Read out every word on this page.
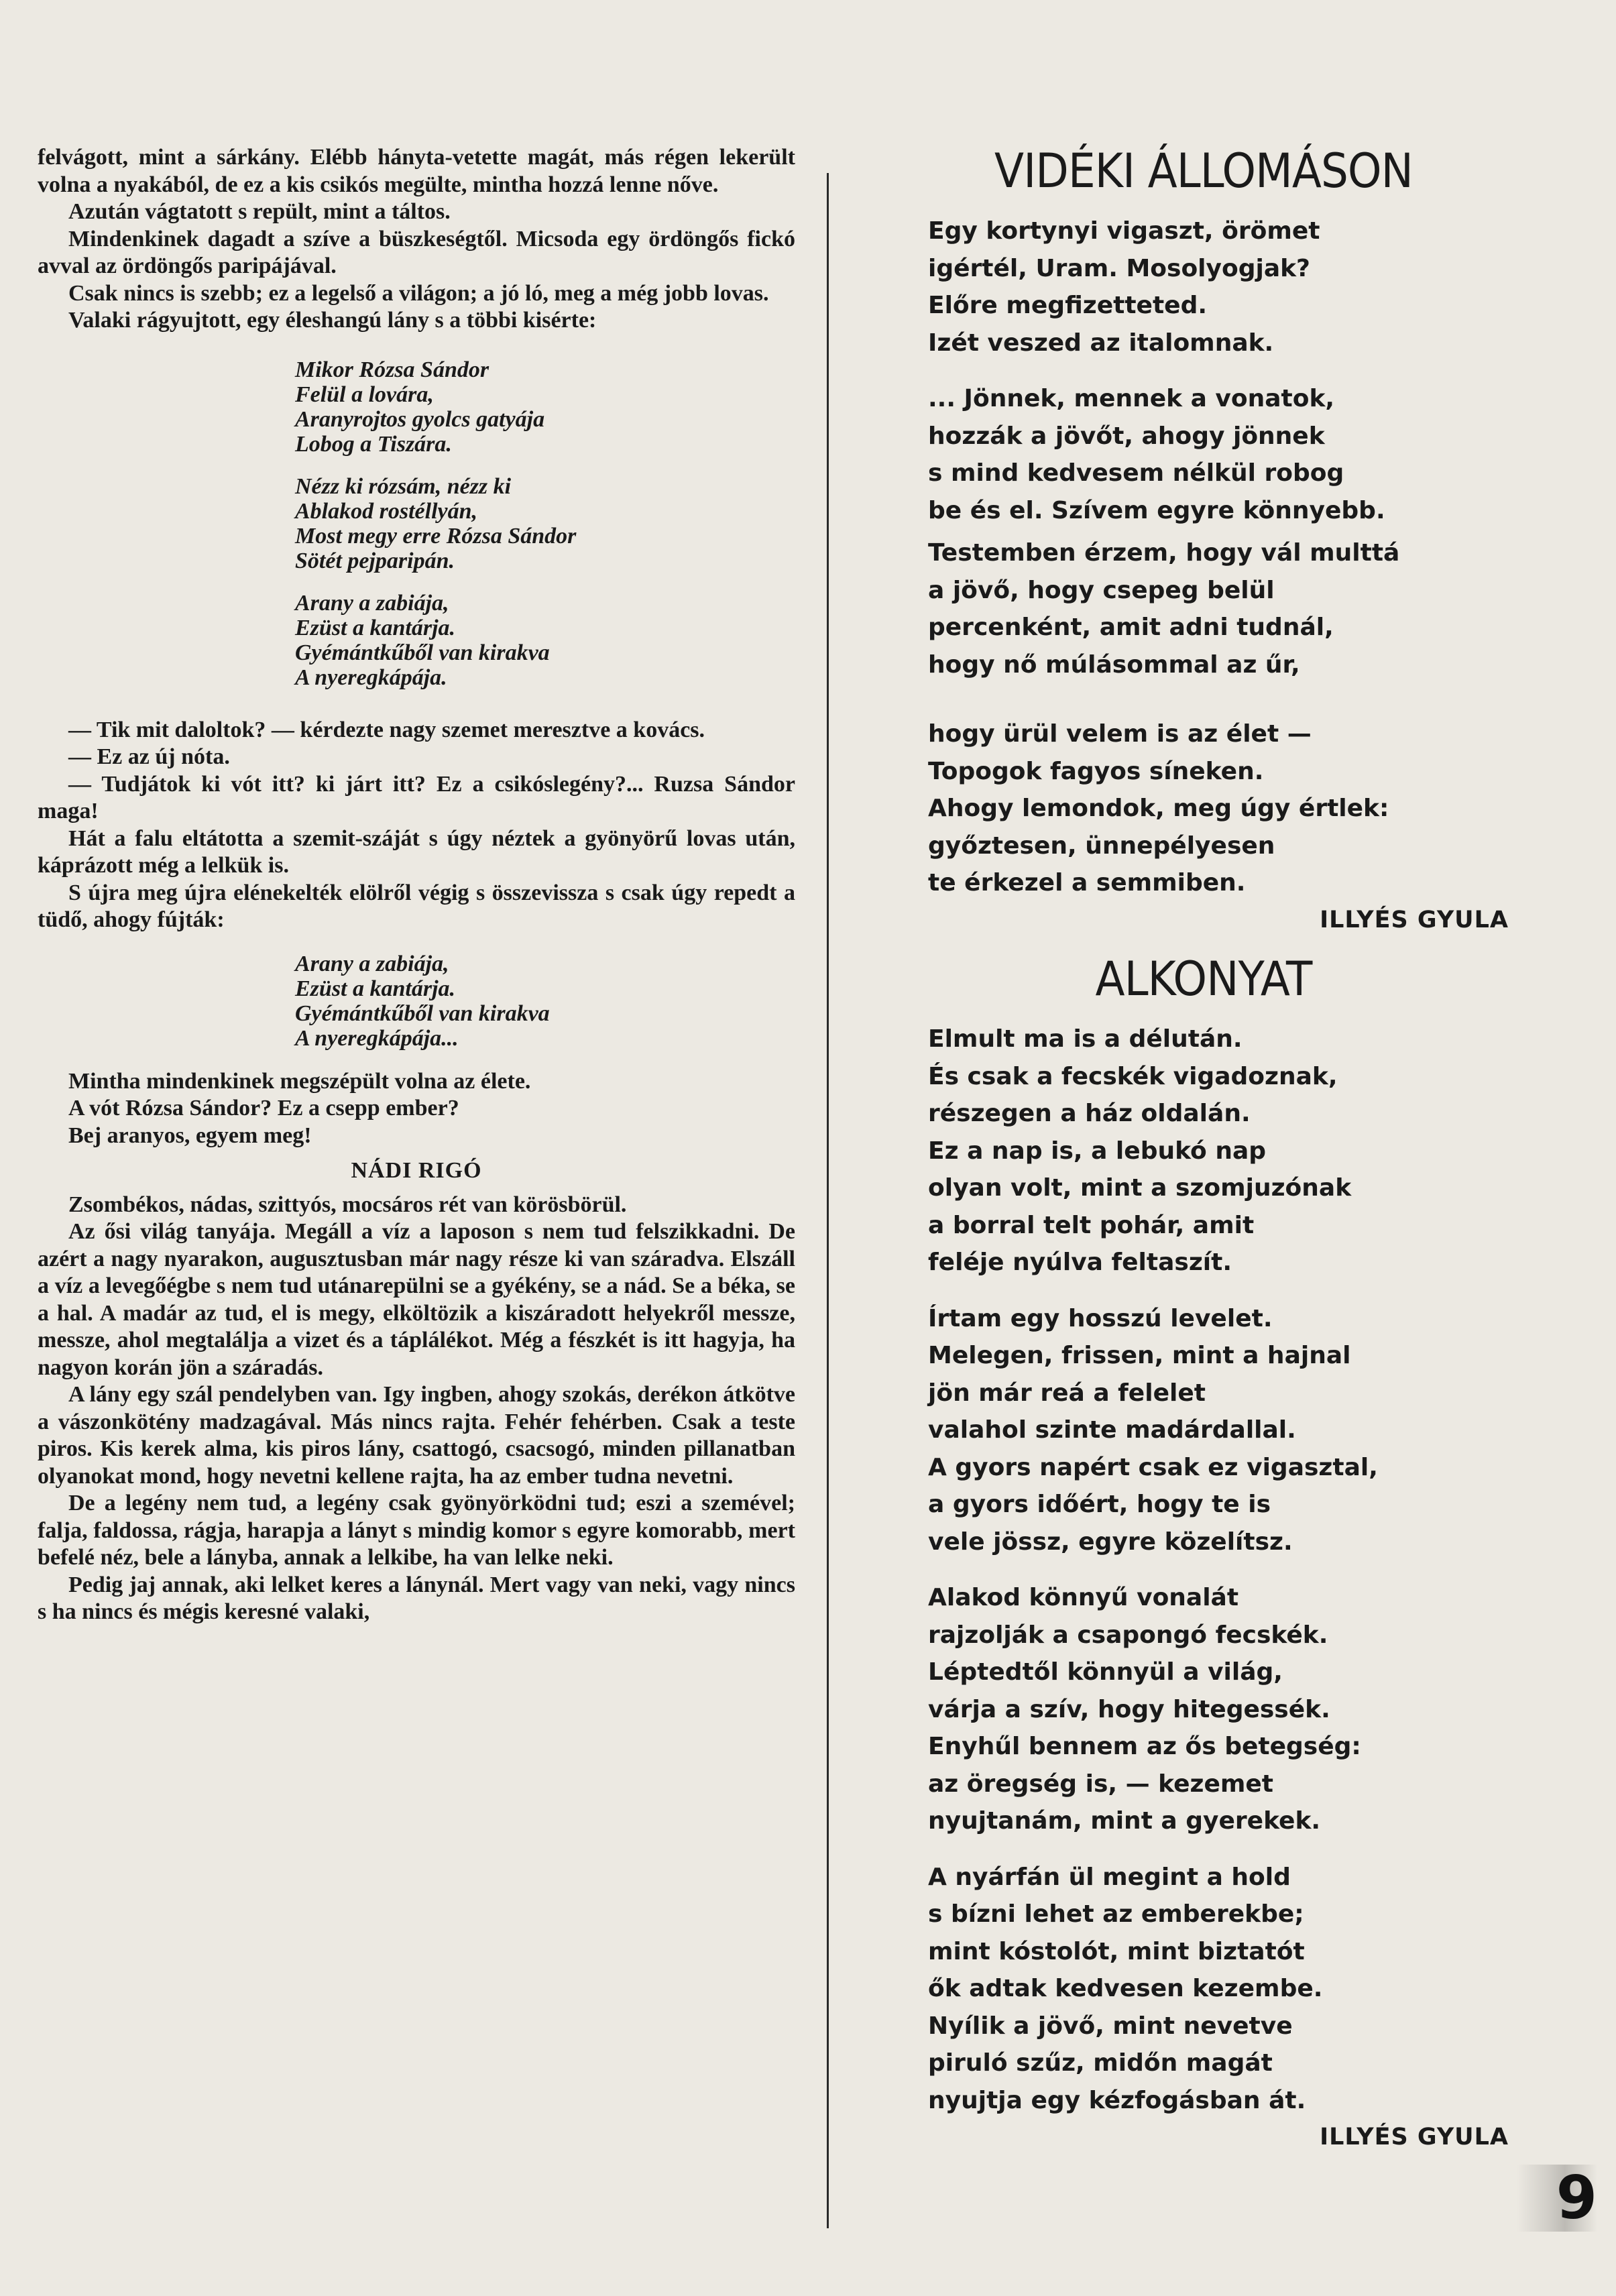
felvágott, mint a sárkány. Elébb hányta-vetette magát, más régen lekerült volna a nyakából, de ez a kis csikós megülte, mintha hozzá lenne nőve.

Azután vágtatott s repült, mint a táltos.

Mindenkinek dagadt a szíve a büszkeségtől. Micsoda egy ördöngős fickó avval az ördöngős paripájával.

Csak nincs is szebb; ez a legelső a világon; a jó ló, meg a még jobb lovas.

Valaki rágyujtott, egy éleshangú lány s a többi kisérte:

Mikor Rózsa Sándor
Felül a lovára,
Aranyrojtos gyolcs gatyája
Lobog a Tiszára.
Nézz ki rózsám, nézz ki
Ablakod rostéllyán,
Most megy erre Rózsa Sándor
Sötét pejparipán.
Arany a zabiája,
Ezüst a kantárja.
Gyémántkűből van kirakva
A nyeregkápája.

— Tik mit daloltok? — kérdezte nagy szemet meresztve a kovács.

— Ez az új nóta.

— Tudjátok ki vót itt? ki járt itt? Ez a csikóslegény?... Ruzsa Sándor maga!

Hát a falu eltátotta a szemit-száját s úgy néztek a gyönyörű lovas után, káprázott még a lelkük is.

S újra meg újra elénekelték elölről végig s összevissza s csak úgy repedt a tüdő, ahogy fújták:

Arany a zabiája,
Ezüst a kantárja.
Gyémántkűből van kirakva
A nyeregkápája...

Mintha mindenkinek megszépült volna az élete.

A vót Rózsa Sándor? Ez a csepp ember?

Bej aranyos, egyem meg!

NÁDI RIGÓ

Zsombékos, nádas, szittyós, mocsáros rét van körösbörül.

Az ősi világ tanyája. Megáll a víz a laposon s nem tud felszikkadni. De azért a nagy nyarakon, augusztusban már nagy része ki van száradva. Elszáll a víz a levegőégbe s nem tud utánarepülni se a gyékény, se a nád. Se a béka, se a hal. A madár az tud, el is megy, elköltözik a kiszáradott helyekről messze, messze, ahol megtalálja a vizet és a táplálékot. Még a fészkét is itt hagyja, ha nagyon korán jön a száradás.

A lány egy szál pendelyben van. Igy ingben, ahogy szokás, derékon átkötve a vászonkötény madzagával. Más nincs rajta. Fehér fehérben. Csak a teste piros. Kis kerek alma, kis piros lány, csattogó, csacsogó, minden pillanatban olyanokat mond, hogy nevetni kellene rajta, ha az ember tudna nevetni.

De a legény nem tud, a legény csak gyönyörködni tud; eszi a szemével; falja, faldossa, rágja, harapja a lányt s mindig komor s egyre komorabb, mert befelé néz, bele a lányba, annak a lelkibe, ha van lelke neki.

Pedig jaj annak, aki lelket keres a lánynál. Mert vagy van neki, vagy nincs s ha nincs és mégis keresné valaki,

VIDÉKI ÁLLOMÁSON
Egy kortynyi vigaszt, örömet
igértél, Uram. Mosolyogjak?
Előre megfizetteted.
Izét veszed az italomnak.
... Jönnek, mennek a vonatok,
hozzák a jövőt, ahogy jönnek
s mind kedvesem nélkül robog
be és el. Szívem egyre könnyebb.
Testemben érzem, hogy vál multtá
a jövő, hogy csepeg belül
percenként, amit adni tudnál,
hogy nő múlásommal az űr,
hogy ürül velem is az élet —
Topogok fagyos síneken.
Ahogy lemondok, meg úgy értlek:
győztesen, ünnepélyesen
te érkezel a semmiben.
ILLYÉS GYULA
ALKONYAT
Elmult ma is a délután.
És csak a fecskék vigadoznak,
részegen a ház oldalán.
Ez a nap is, a lebukó nap
olyan volt, mint a szomjuzónak
a borral telt pohár, amit
feléje nyúlva feltaszít.
Írtam egy hosszú levelet.
Melegen, frissen, mint a hajnal
jön már reá a felelet
valahol szinte madárdallal.
A gyors napért csak ez vigasztal,
a gyors időért, hogy te is
vele jössz, egyre közelítsz.
Alakod könnyű vonalát
rajzolják a csapongó fecskék.
Léptedtől könnyül a világ,
várja a szív, hogy hitegessék.
Enyhűl bennem az ős betegség:
az öregség is, — kezemet
nyujtanám, mint a gyerekek.
A nyárfán ül megint a hold
s bízni lehet az emberekbe;
mint kóstolót, mint biztatót
ők adtak kedvesen kezembe.
Nyílik a jövő, mint nevetve
piruló szűz, midőn magát
nyujtja egy kézfogásban át.
ILLYÉS GYULA
9
